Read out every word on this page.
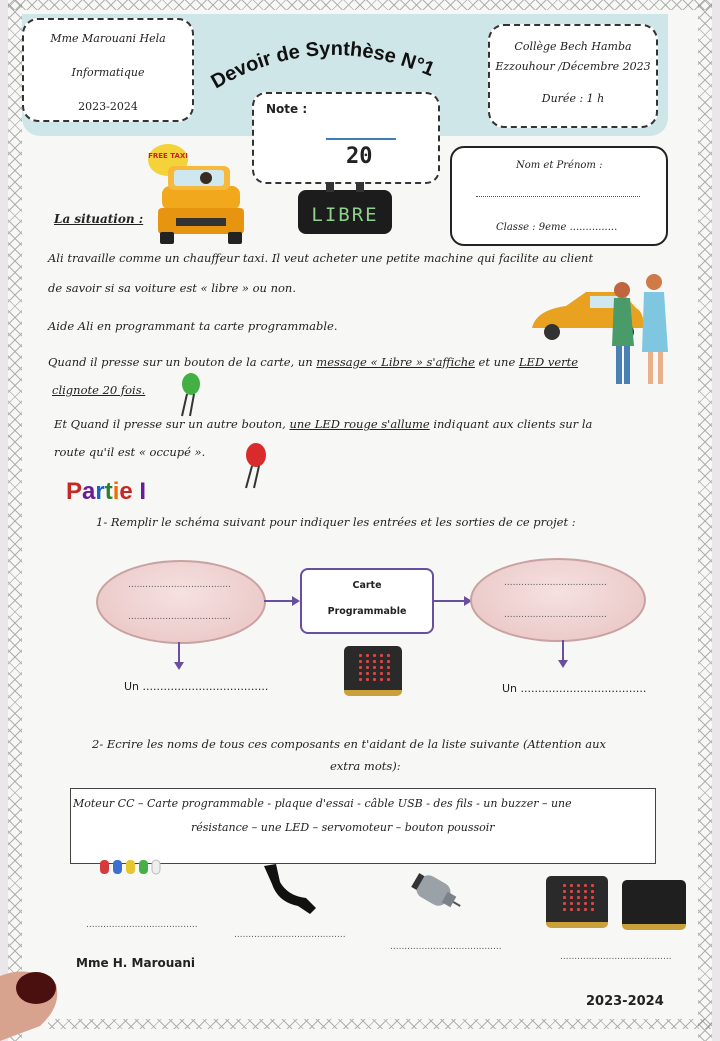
Mme Marouani Hela
Informatique
2023-2024
Devoir de Synthèse N°1
Collège Bech Hamba
Ezzouhour /Décembre 2023
Durée : 1 h
Note :
20	Nom et Prénom :
Classe : 9eme ...............
FREE TAXI
LIBRE
La situation :
Ali travaille comme un chauffeur taxi. Il veut acheter une petite machine qui facilite au client
de savoir si sa voiture est « libre » ou non.
Aide Ali en programmant ta carte programmable.
Quand il presse sur un bouton de la carte, un message « Libre » s'affiche et une LED verte
clignote 20 fois.
Et Quand il presse sur un autre bouton, une LED rouge s'allume indiquant aux clients sur la
route qu'il est « occupé ».
Partie I
1- Remplir le schéma suivant pour indiquer les entrées et les sorties de ce projet :
....................................
....................................
Carte
Programmable
....................................
....................................
Un ....................................	Un ....................................
2- Ecrire les noms de tous ces composants en t'aidant de la liste suivante (Attention aux
extra mots):
Moteur CC – Carte programmable - plaque d'essai - câble USB - des fils - un buzzer – une
résistance – une LED – servomoteur – bouton poussoir
.......................................
.......................................
.......................................
.......................................
Mme H. Marouani
2023-2024
